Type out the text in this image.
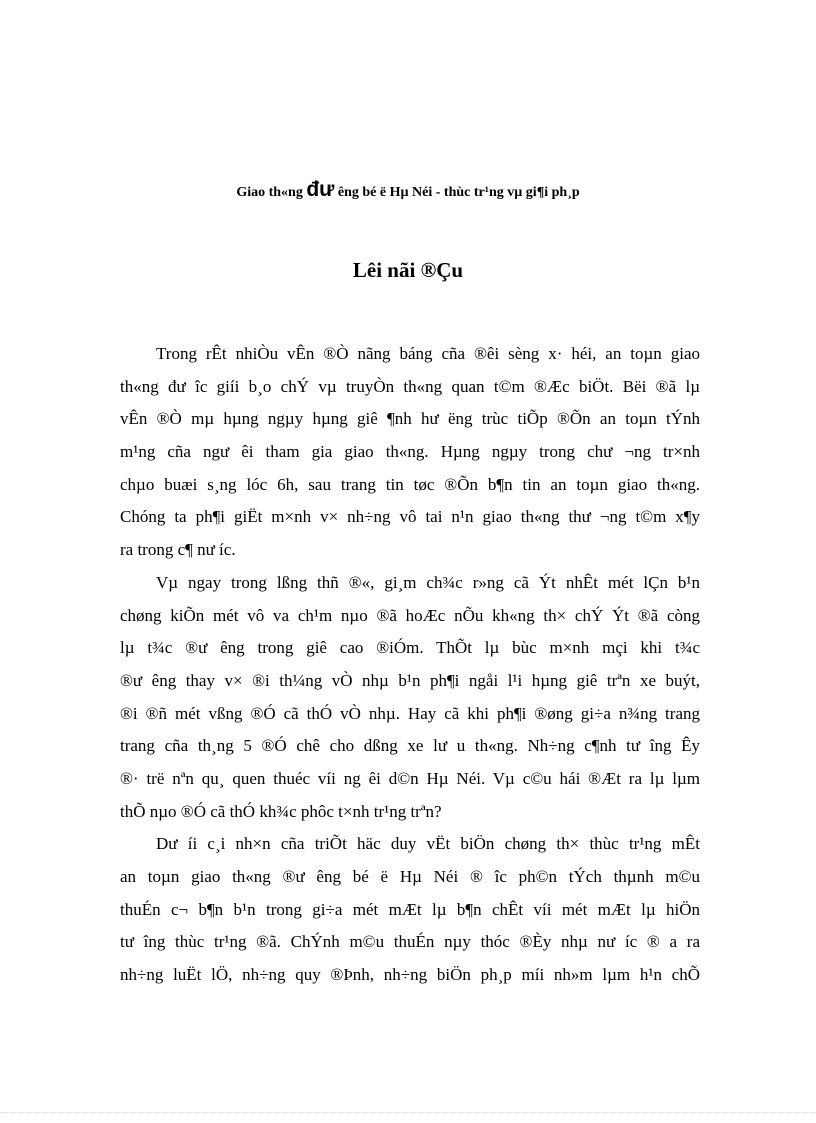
Giao th«ng đư êng bé ë Hµ Néi - thùc tr¹ng vµ gi¶i ph¸p
Lêi nãi ®Çu
Trong rÊt nhiÒu vÊn ®Ò nãng báng cña ®êi sèng x· héi, an toµn giao
th«ng đư îc giíi b¸o chÝ vµ truyÒn th«ng quan t©m ®Æc biÖt. Bëi ®ã lµ
vÊn ®Ò mµ hµng ngµy hµng giê ¶nh hư ëng trùc tiÕp ®Õn an toµn tÝnh
m¹ng cña ngư êi tham gia giao th«ng. Hµng ngµy trong chư ¬ng tr×nh
chµo buæi s¸ng lóc 6h, sau trang tin tøc ®Õn b¶n tin an toµn giao th«ng.
Chóng ta ph¶i giËt m×nh v× nh÷ng vô tai n¹n giao th«ng thư ¬ng t©m x¶y
ra trong c¶ nư íc.
Vµ ngay trong lßng thñ ®«, gi¸m ch¾c r»ng cã Ýt nhÊt mét lÇn b¹n
chøng kiÕn mét vô va ch¹m nµo ®ã hoÆc nÕu kh«ng th× chÝ Ýt ®ã còng
lµ t¾c ®ư êng trong giê cao ®iÓm. ThÕt lµ bùc m×nh mçi khi t¾c
®ư êng thay v× ®i th¼ng vÒ nhµ b¹n ph¶i ngåi l¹i hµng giê trªn xe buýt,
®i ®ñ mét vßng ®Ó cã thÓ vÒ nhµ. Hay cã khi ph¶i ®øng gi÷a n¾ng trang
trang cña th¸ng 5 ®Ó chê cho dßng xe lư u th«ng. Nh÷ng c¶nh tư îng Êy
®· trë nªn qu¸ quen thuéc víi ng êi d©n Hµ Néi. Vµ c©u hái ®Æt ra lµ lµm
thÕ nµo ®Ó cã thÓ kh¾c phôc t×nh tr¹ng trªn?
Dư íi c¸i nh×n cña triÕt häc duy vËt biÖn chøng th× thùc tr¹ng mÊt
an toµn giao th«ng ®ư êng bé ë Hµ Néi ® îc ph©n tÝch thµnh m©u
thuÉn c¬ b¶n b¹n trong gi÷a mét mÆt lµ b¶n chÊt víi mét mÆt lµ hiÖn
tư îng thùc tr¹ng ®ã. ChÝnh m©u thuÉn nµy thóc ®Èy nhµ nư íc ® a ra
nh÷ng luËt lÖ, nh÷ng quy ®Þnh, nh÷ng biÖn ph¸p míi nh»m lµm h¹n chÕ
